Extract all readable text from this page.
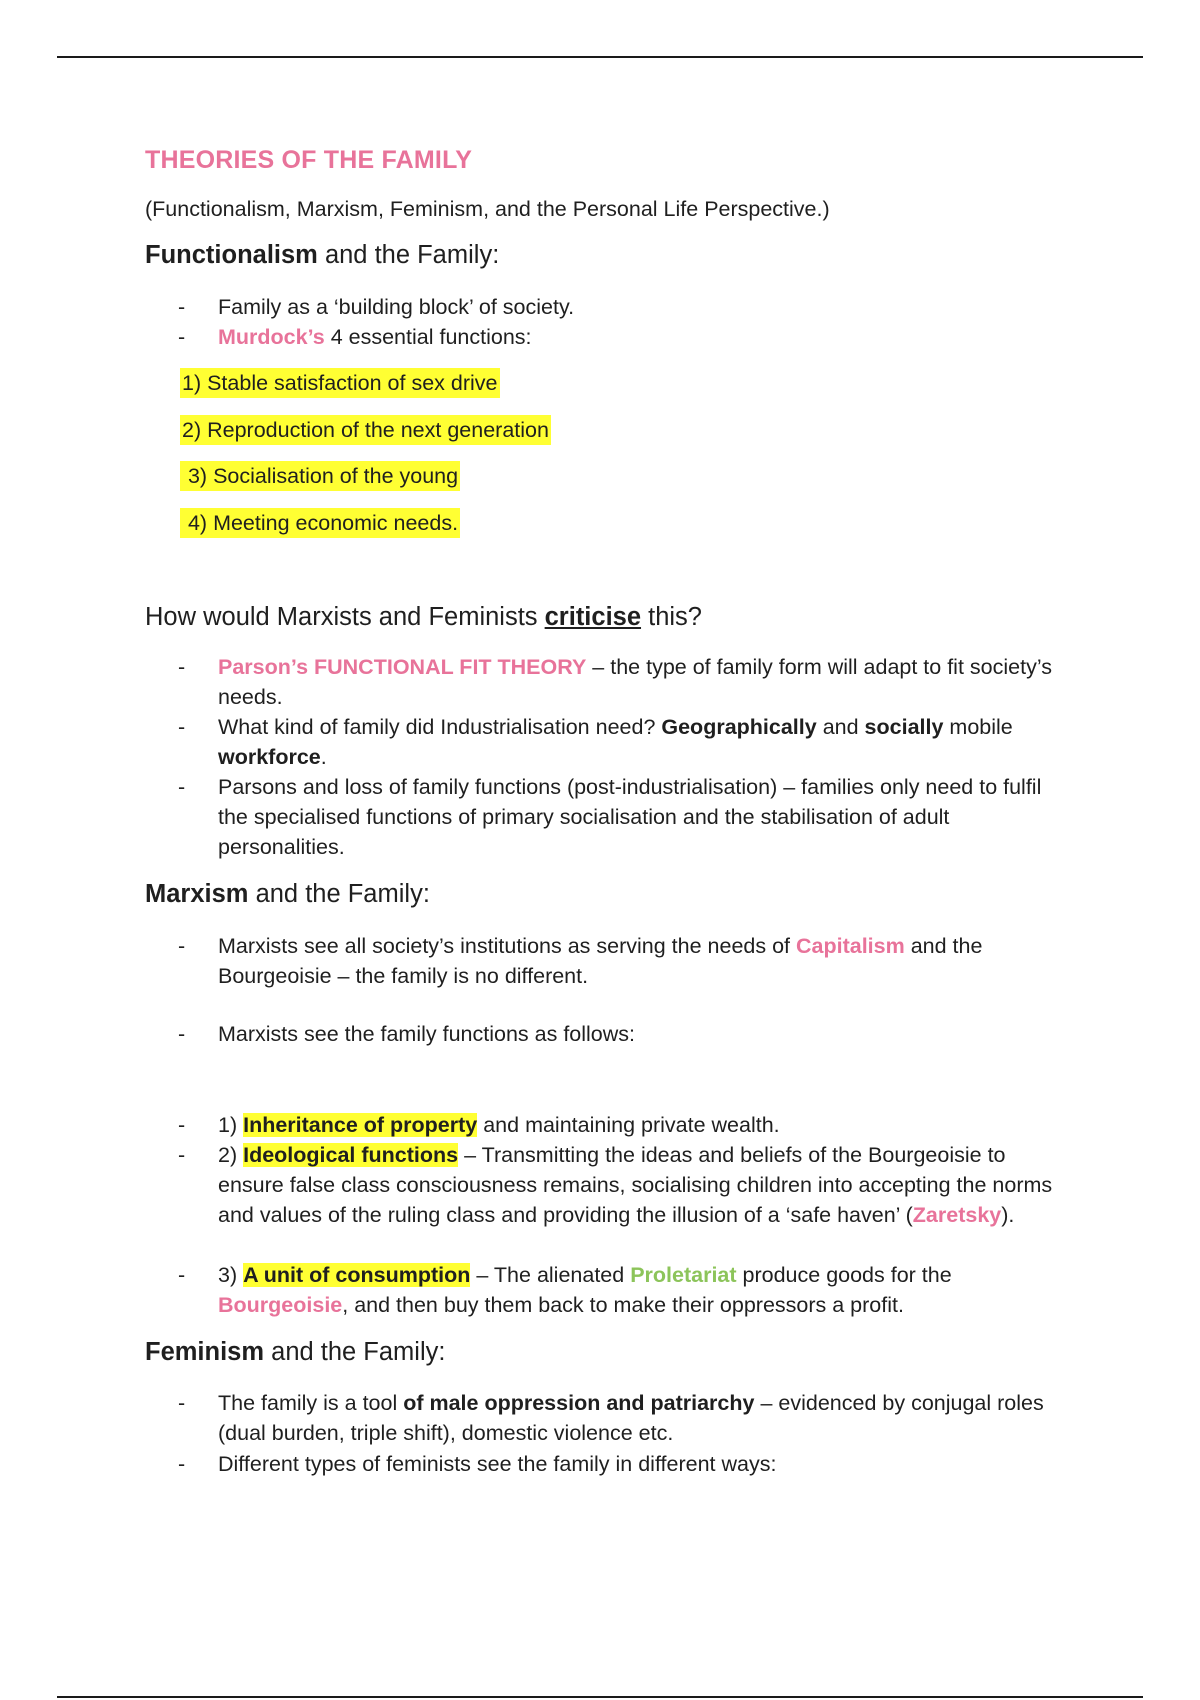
THEORIES OF THE FAMILY
(Functionalism, Marxism, Feminism, and the Personal Life Perspective.)
Functionalism and the Family:
- Family as a ‘building block’ of society.
- Murdock’s 4 essential functions:
1) Stable satisfaction of sex drive
2) Reproduction of the next generation
3) Socialisation of the young
4) Meeting economic needs.
How would Marxists and Feminists criticise this?
- Parson’s FUNCTIONAL FIT THEORY – the type of family form will adapt to fit society’s needs.
- What kind of family did Industrialisation need? Geographically and socially mobile workforce.
- Parsons and loss of family functions (post-industrialisation) – families only need to fulfil the specialised functions of primary socialisation and the stabilisation of adult personalities.
Marxism and the Family:
- Marxists see all society’s institutions as serving the needs of Capitalism and the Bourgeoisie – the family is no different.
- Marxists see the family functions as follows:
- 1) Inheritance of property and maintaining private wealth.
- 2) Ideological functions – Transmitting the ideas and beliefs of the Bourgeoisie to ensure false class consciousness remains, socialising children into accepting the norms and values of the ruling class and providing the illusion of a ‘safe haven’ (Zaretsky).
- 3) A unit of consumption – The alienated Proletariat produce goods for the Bourgeoisie, and then buy them back to make their oppressors a profit.
Feminism and the Family:
- The family is a tool of male oppression and patriarchy – evidenced by conjugal roles (dual burden, triple shift), domestic violence etc.
- Different types of feminists see the family in different ways:
